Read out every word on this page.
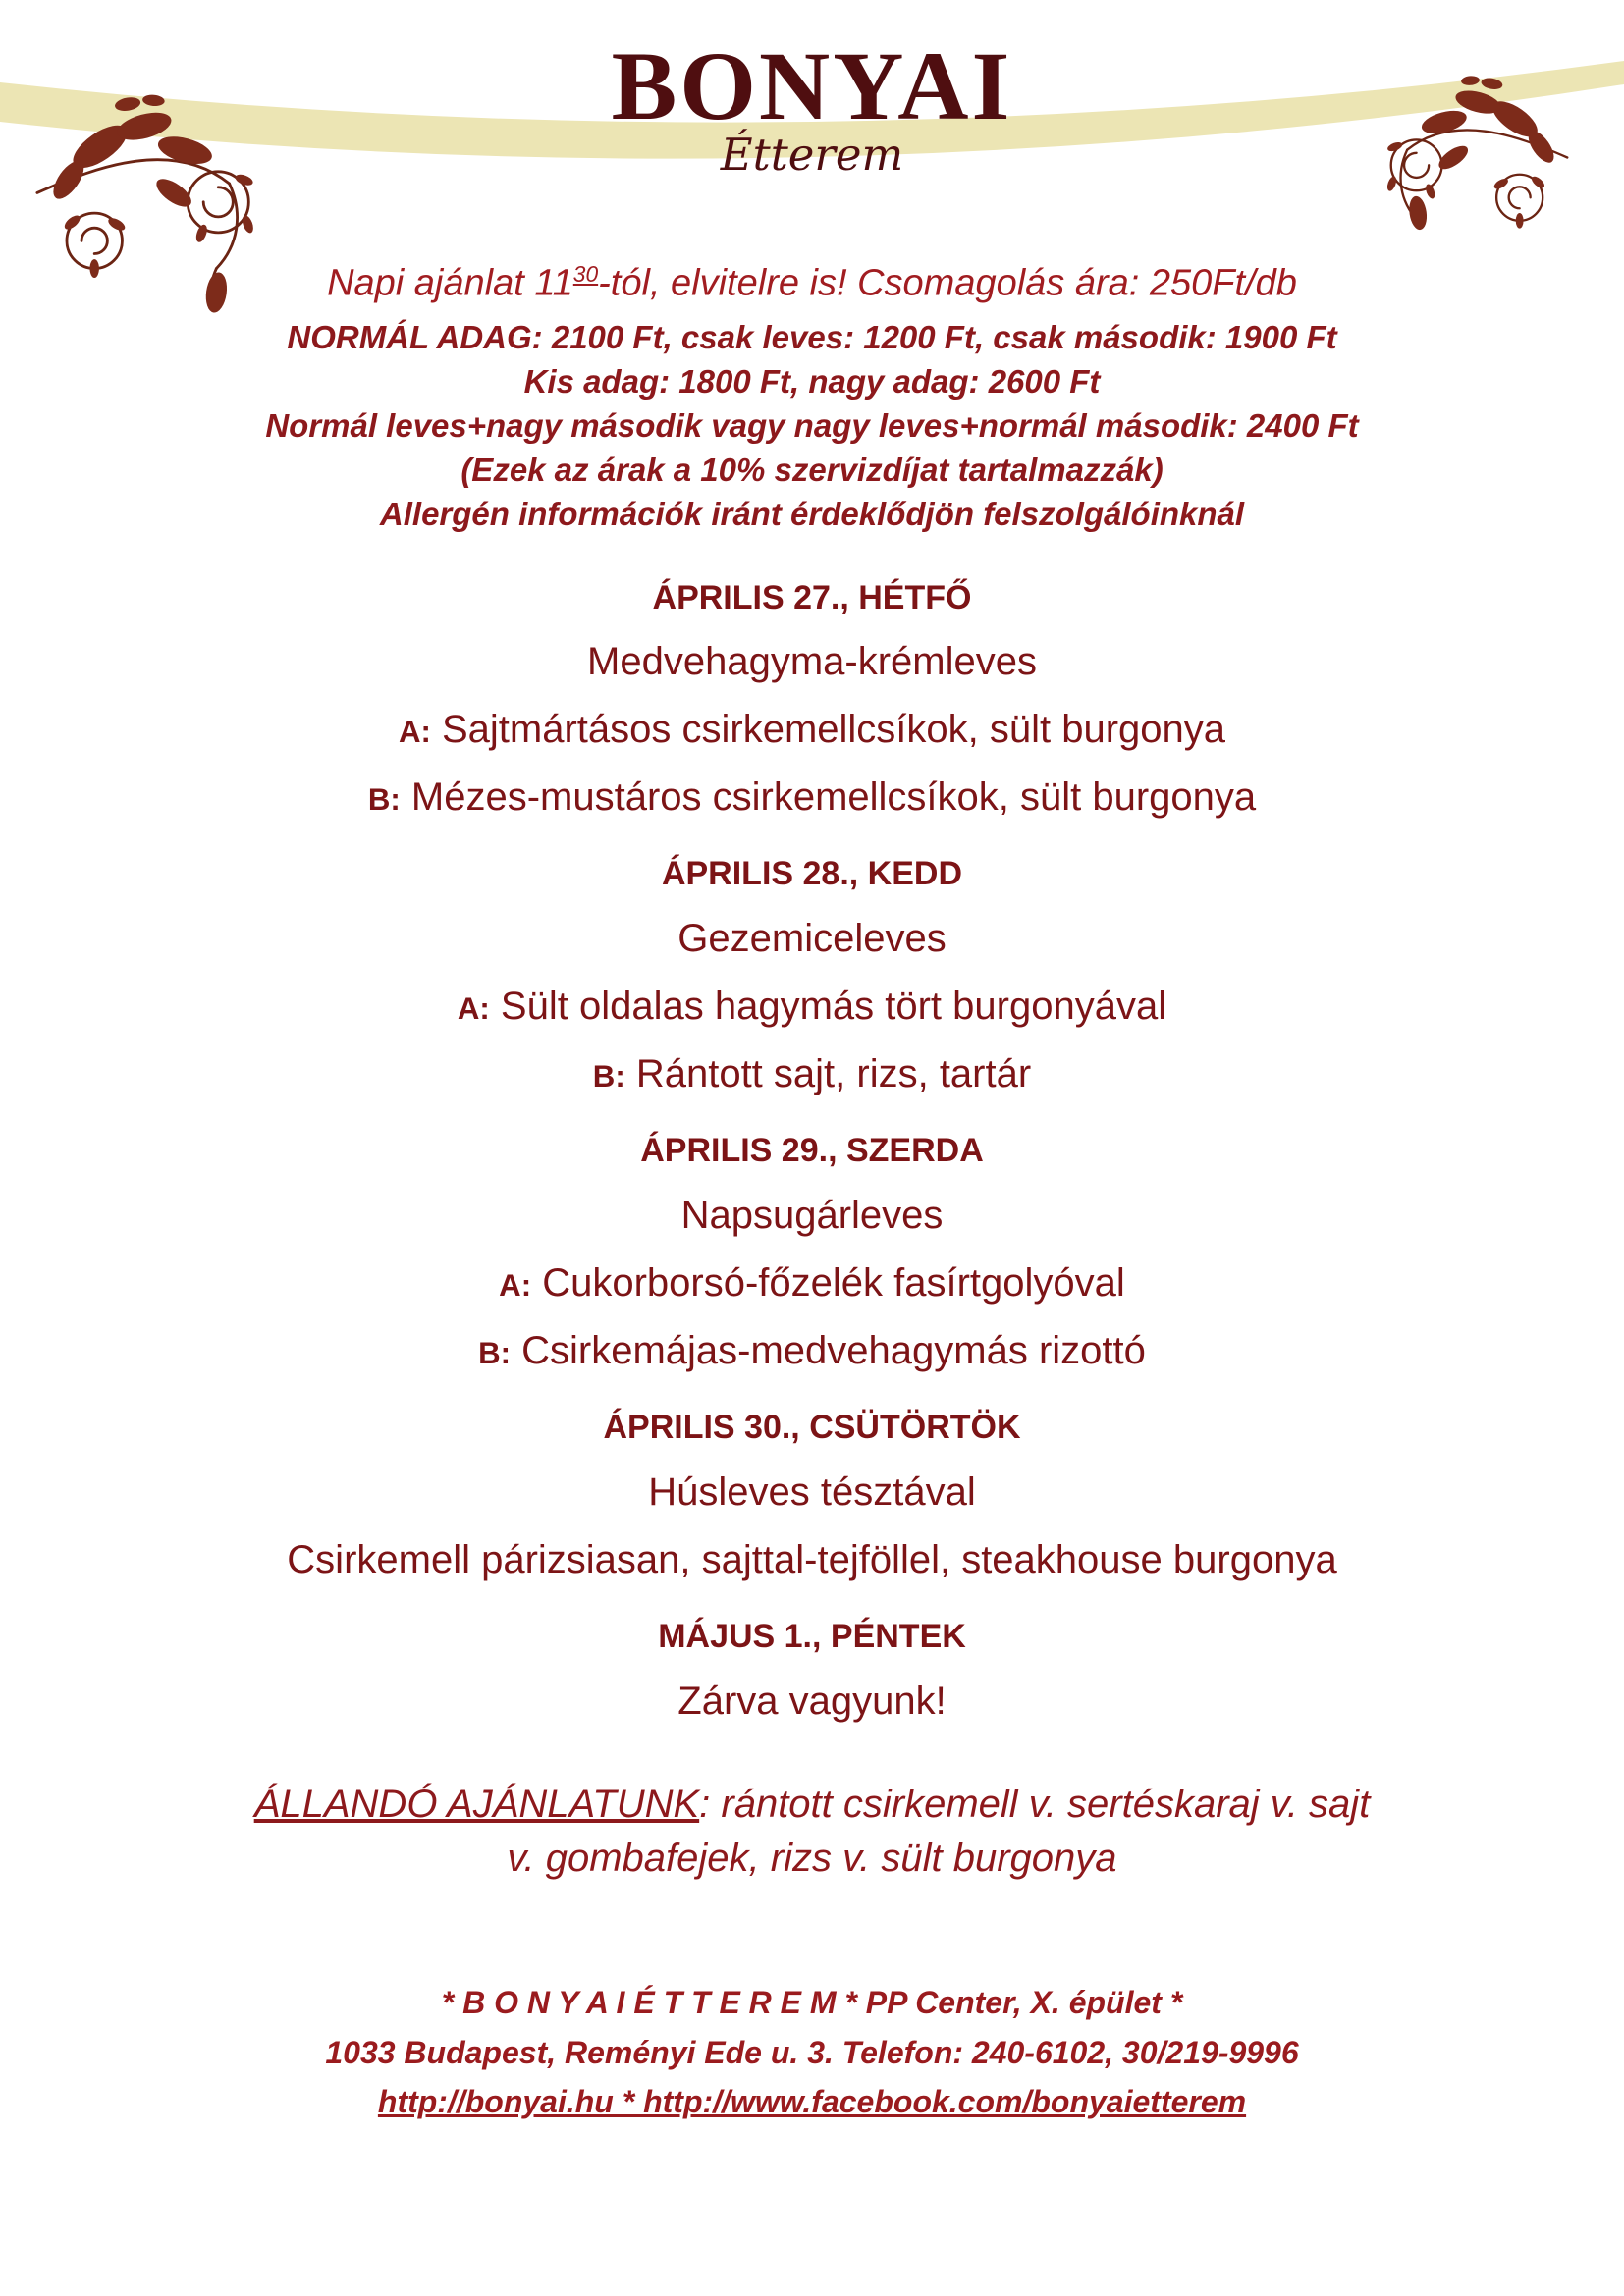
BONYAI
Étterem

Napi ajánlat $11^{30}$-tól, elvitelre is! Csomagolás ára: 250Ft/db

NORMÁL ADAG: 2100 Ft, csak leves: 1200 Ft, csak második: 1900 Ft
Kis adag: 1800 Ft, nagy adag: 2600 Ft
Normál leves+nagy második vagy nagy leves+normál második: 2400 Ft
(Ezek az árak a 10% szervizdíjat tartalmazzák)
Allergén információk iránt érdeklődjön felszolgálóinknál
ÁPRILIS 27., HÉTFŐ
Medvehagyma-krémleves
A: Sajtmártásos csirkemellcsíkok, sült burgonya
B: Mézes-mustáros csirkemellcsíkok, sült burgonya
ÁPRILIS 28., KEDD
Gezemiceleves
A: Sült oldalas hagymás tört burgonyával
B: Rántott sajt, rizs, tartár
ÁPRILIS 29., SZERDA
Napsugárleves
A: Cukorborsó-főzelék fasírtgolyóval
B: Csirkemájas-medvehagymás rizottó
ÁPRILIS 30., CSÜTÖRTÖK
Húsleves tésztával
Csirkemell párizsiasan, sajttal-tejföllel, steakhouse burgonya
MÁJUS 1., PÉNTEK
Zárva vagyunk!

ÁLLANDÓ AJÁNLATUNK: rántott csirkemell v. sertéskaraj v. sajt v. gombafejek, rizs v. sült burgonya

* B O N Y A I É T T E R E M * PP Center, X. épület *
1033 Budapest, Reményi Ede u. 3. Telefon: 240-6102, 30/219-9996
http://bonyai.hu * http://www.facebook.com/bonyaietterem
